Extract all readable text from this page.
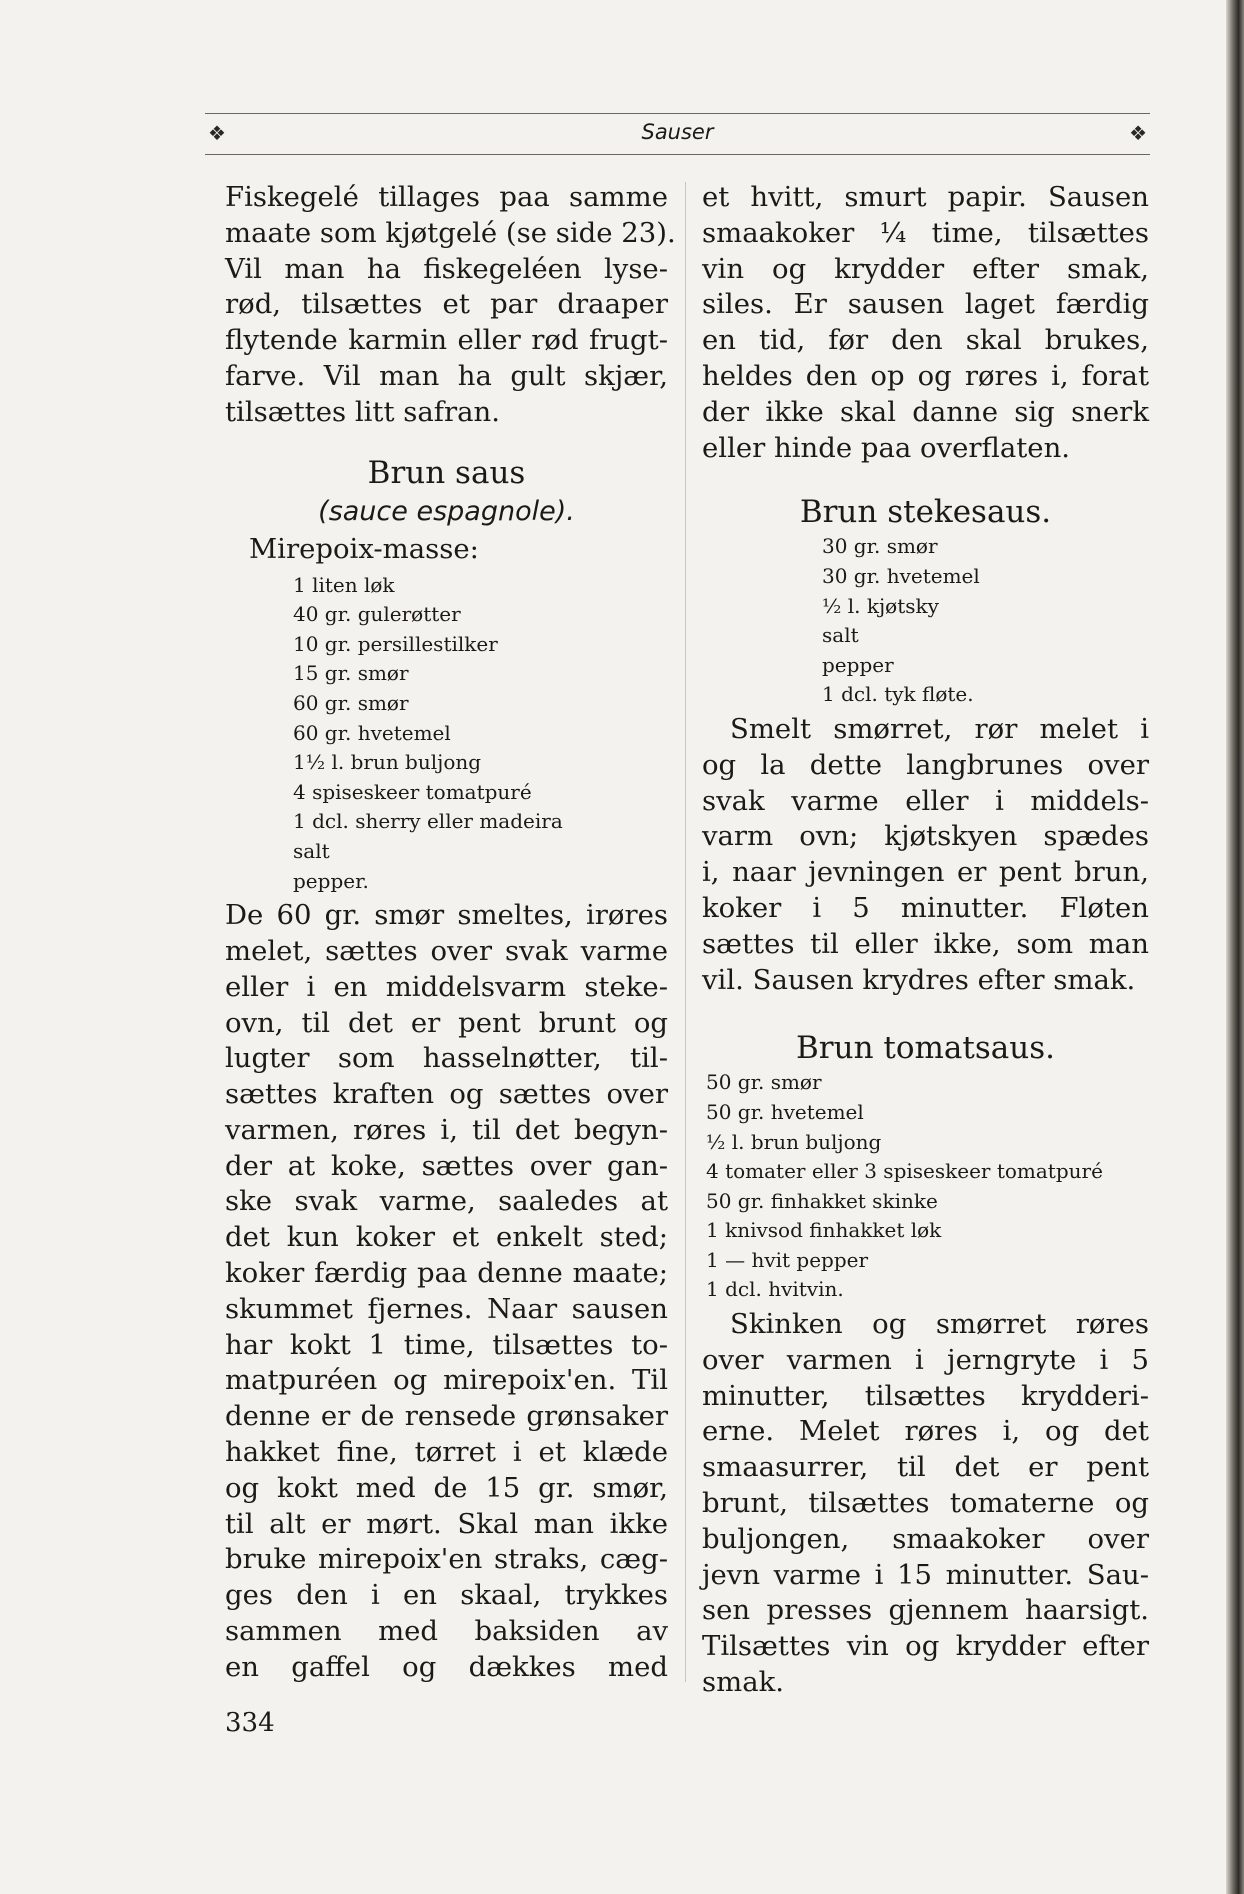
❖	Sauser	❖

Fiskegelé tillages paa samme
maate som kjøtgelé (se side 23).
Vil man ha fiskegeléen lyse-
rød, tilsættes et par draaper
flytende karmin eller rød frugt-
farve. Vil man ha gult skjær,
tilsættes litt safran.

Brun saus

(sauce espagnole).

Mirepoix-masse:

1 liten løk
40 gr. gulerøtter
10 gr. persillestilker
15 gr. smør
60 gr. smør
60 gr. hvetemel
1½ l. brun buljong
4 spiseskeer tomatpuré
1 dcl. sherry eller madeira
salt
pepper.

De 60 gr. smør smeltes, irøres
melet, sættes over svak varme
eller i en middelsvarm steke-
ovn, til det er pent brunt og
lugter som hasselnøtter, til-
sættes kraften og sættes over
varmen, røres i, til det begyn-
der at koke, sættes over gan-
ske svak varme, saaledes at
det kun koker et enkelt sted;
koker færdig paa denne maate;
skummet fjernes. Naar sausen
har kokt 1 time, tilsættes to-
matpuréen og mirepoix'en. Til
denne er de rensede grønsaker
hakket fine, tørret i et klæde
og kokt med de 15 gr. smør,
til alt er mørt. Skal man ikke
bruke mirepoix'en straks, cæg-
ges den i en skaal, trykkes
sammen med baksiden av
en gaffel og dækkes med

et hvitt, smurt papir. Sausen
smaakoker ¼ time, tilsættes
vin og krydder efter smak,
siles. Er sausen laget færdig
en tid, før den skal brukes,
heldes den op og røres i, forat
der ikke skal danne sig snerk
eller hinde paa overflaten.

Brun stekesaus.
30 gr. smør
30 gr. hvetemel
½ l. kjøtsky
salt
pepper
1 dcl. tyk fløte.

Smelt smørret, rør melet i
og la dette langbrunes over
svak varme eller i middels-
varm ovn; kjøtskyen spædes
i, naar jevningen er pent brun,
koker i 5 minutter. Fløten
sættes til eller ikke, som man
vil. Sausen krydres efter smak.

Brun tomatsaus.
50 gr. smør
50 gr. hvetemel
½ l. brun buljong
4 tomater eller 3 spiseskeer tomatpuré
50 gr. finhakket skinke
1 knivsod finhakket løk
1 — hvit pepper
1 dcl. hvitvin.

Skinken og smørret røres
over varmen i jerngryte i 5
minutter, tilsættes krydderi-
erne. Melet røres i, og det
smaasurrer, til det er pent
brunt, tilsættes tomaterne og
buljongen, smaakoker over
jevn varme i 15 minutter. Sau-
sen presses gjennem haarsigt.
Tilsættes vin og krydder efter
smak.

334
